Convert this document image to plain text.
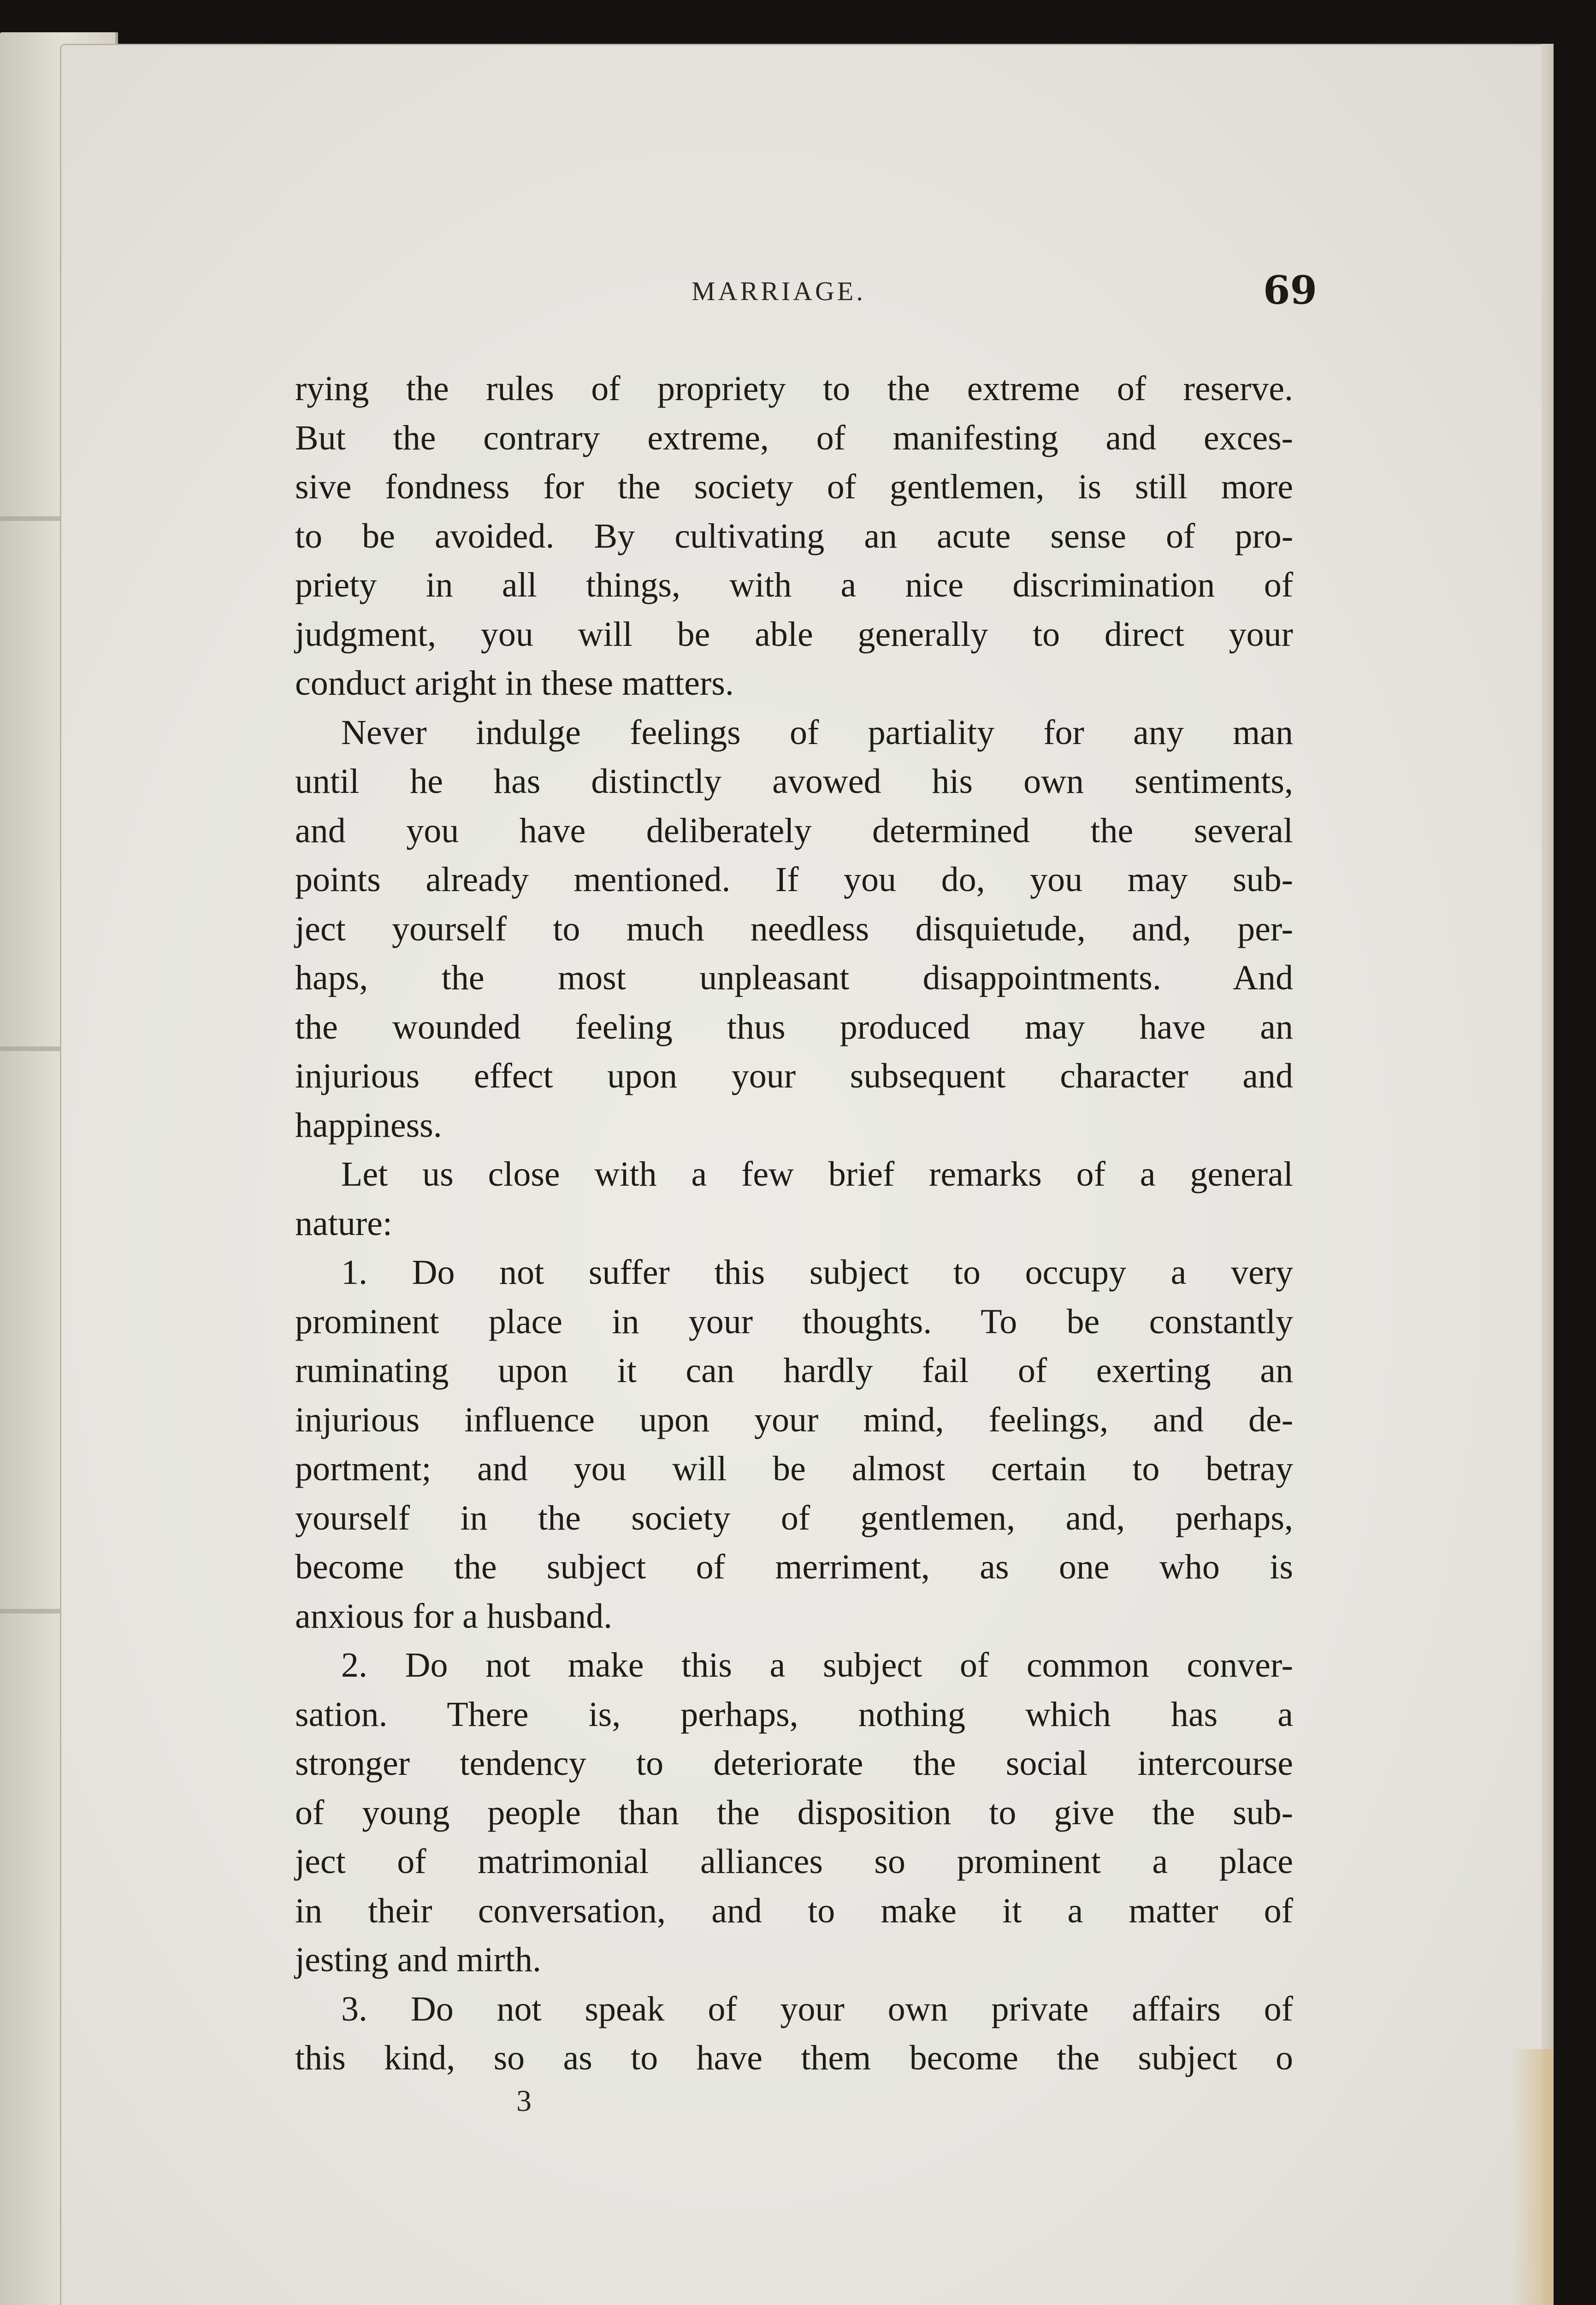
MARRIAGE.	69
rying the rules of propriety to the extreme of reserve.
But the contrary extreme, of manifesting and exces-
sive fondness for the society of gentlemen, is still more
to be avoided. By cultivating an acute sense of pro-
priety in all things, with a nice discrimination of
judgment, you will be able generally to direct your
conduct aright in these matters.
Never indulge feelings of partiality for any man
until he has distinctly avowed his own sentiments,
and you have deliberately determined the several
points already mentioned. If you do, you may sub-
ject yourself to much needless disquietude, and, per-
haps, the most unpleasant disappointments. And
the wounded feeling thus produced may have an
injurious effect upon your subsequent character and
happiness.
Let us close with a few brief remarks of a general
nature:
1. Do not suffer this subject to occupy a very
prominent place in your thoughts. To be constantly
ruminating upon it can hardly fail of exerting an
injurious influence upon your mind, feelings, and de-
portment; and you will be almost certain to betray
yourself in the society of gentlemen, and, perhaps,
become the subject of merriment, as one who is
anxious for a husband.
2. Do not make this a subject of common conver-
sation. There is, perhaps, nothing which has a
stronger tendency to deteriorate the social intercourse
of young people than the disposition to give the sub-
ject of matrimonial alliances so prominent a place
in their conversation, and to make it a matter of
jesting and mirth.
3. Do not speak of your own private affairs of
this kind, so as to have them become the subject o
3
